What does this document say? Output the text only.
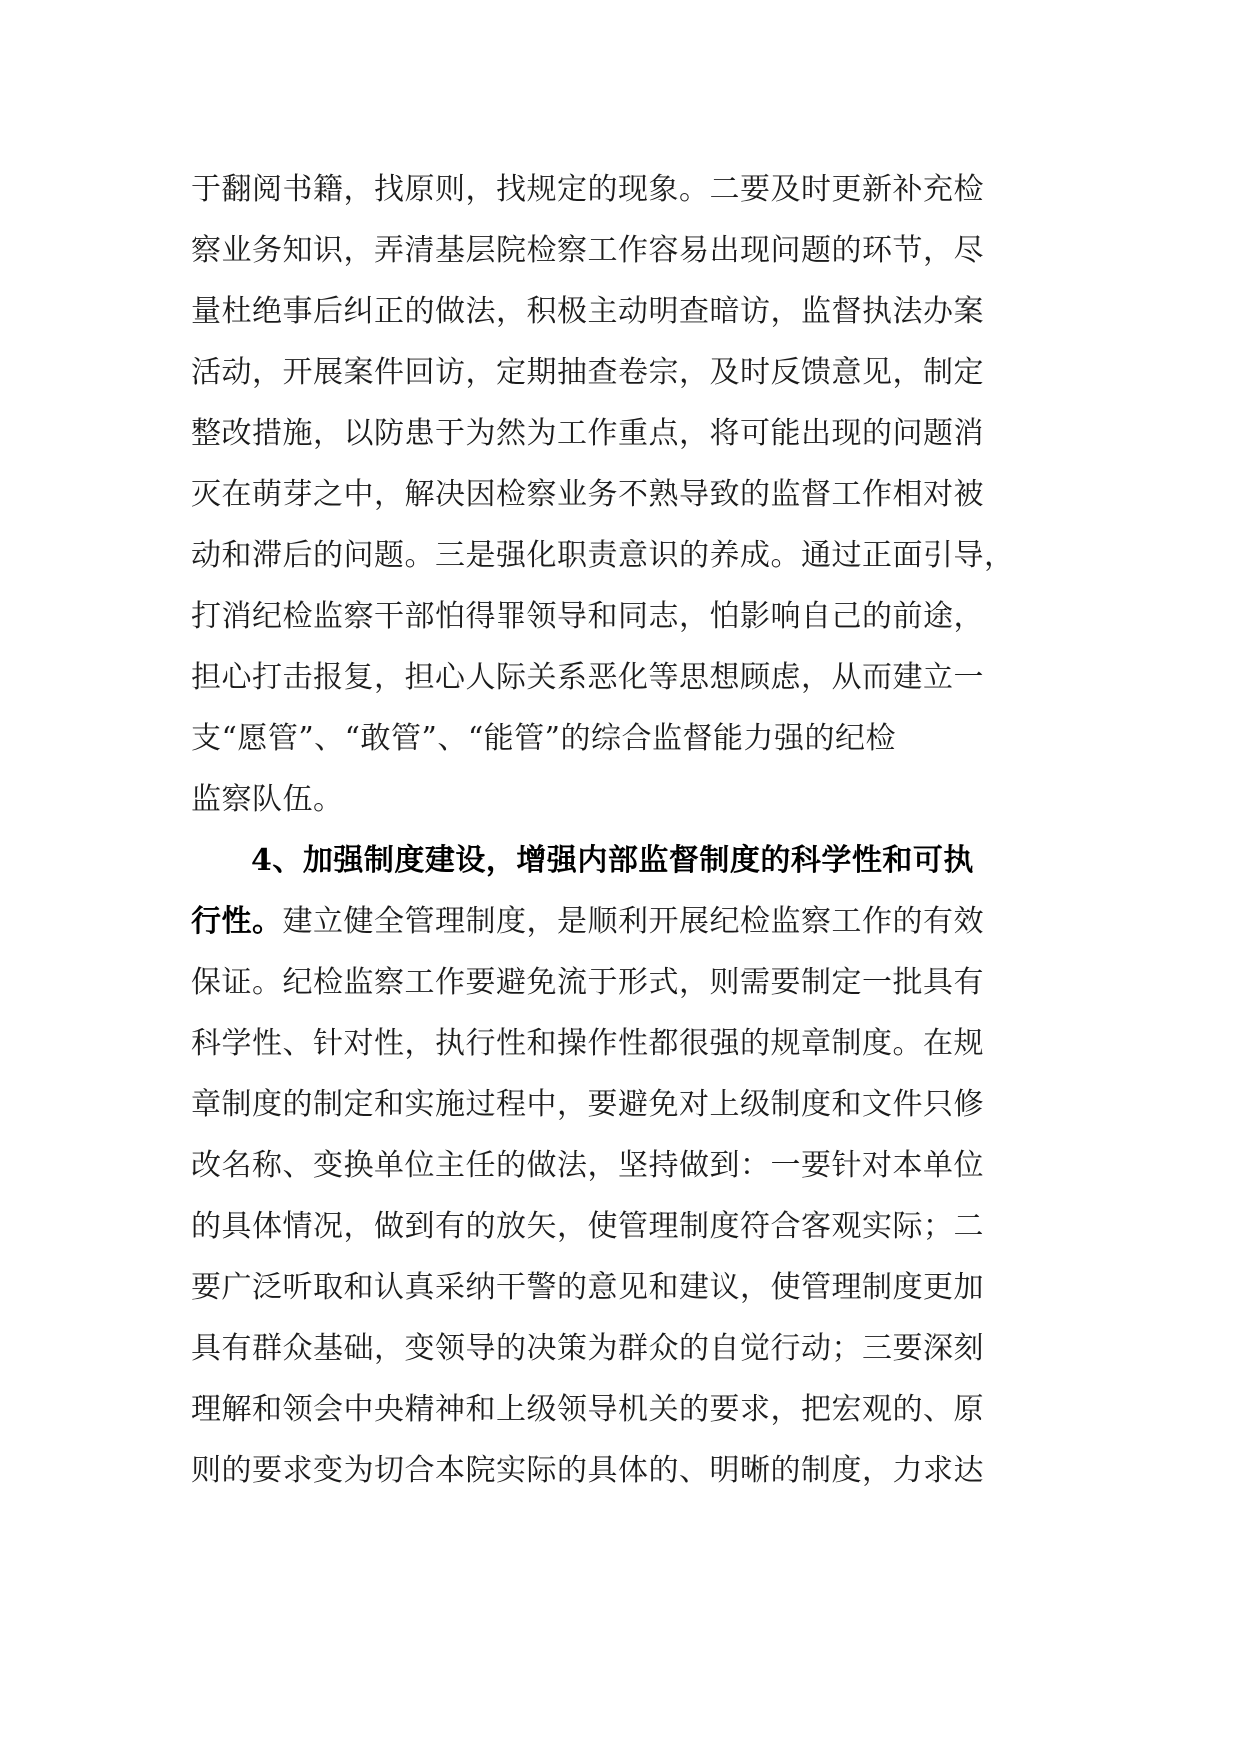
于翻阅书籍，找原则，找规定的现象。二要及时更新补充检
察业务知识，弄清基层院检察工作容易出现问题的环节，尽
量杜绝事后纠正的做法，积极主动明查暗访，监督执法办案
活动，开展案件回访，定期抽查卷宗，及时反馈意见，制定
整改措施，以防患于为然为工作重点，将可能出现的问题消
灭在萌芽之中，解决因检察业务不熟导致的监督工作相对被
动和滞后的问题。三是强化职责意识的养成。通过正面引导，
打消纪检监察干部怕得罪领导和同志，怕影响自己的前途，
担心打击报复，担心人际关系恶化等思想顾虑，从而建立一
支“愿管”、“敢管”、“能管”的综合监督能力强的纪检
监察队伍。
4、加强制度建设，增强内部监督制度的科学性和可执
行性。建立健全管理制度，是顺利开展纪检监察工作的有效
保证。纪检监察工作要避免流于形式，则需要制定一批具有
科学性、针对性，执行性和操作性都很强的规章制度。在规
章制度的制定和实施过程中，要避免对上级制度和文件只修
改名称、变换单位主任的做法，坚持做到：一要针对本单位
的具体情况，做到有的放矢，使管理制度符合客观实际；二
要广泛听取和认真采纳干警的意见和建议，使管理制度更加
具有群众基础，变领导的决策为群众的自觉行动；三要深刻
理解和领会中央精神和上级领导机关的要求，把宏观的、原
则的要求变为切合本院实际的具体的、明晰的制度，力求达
